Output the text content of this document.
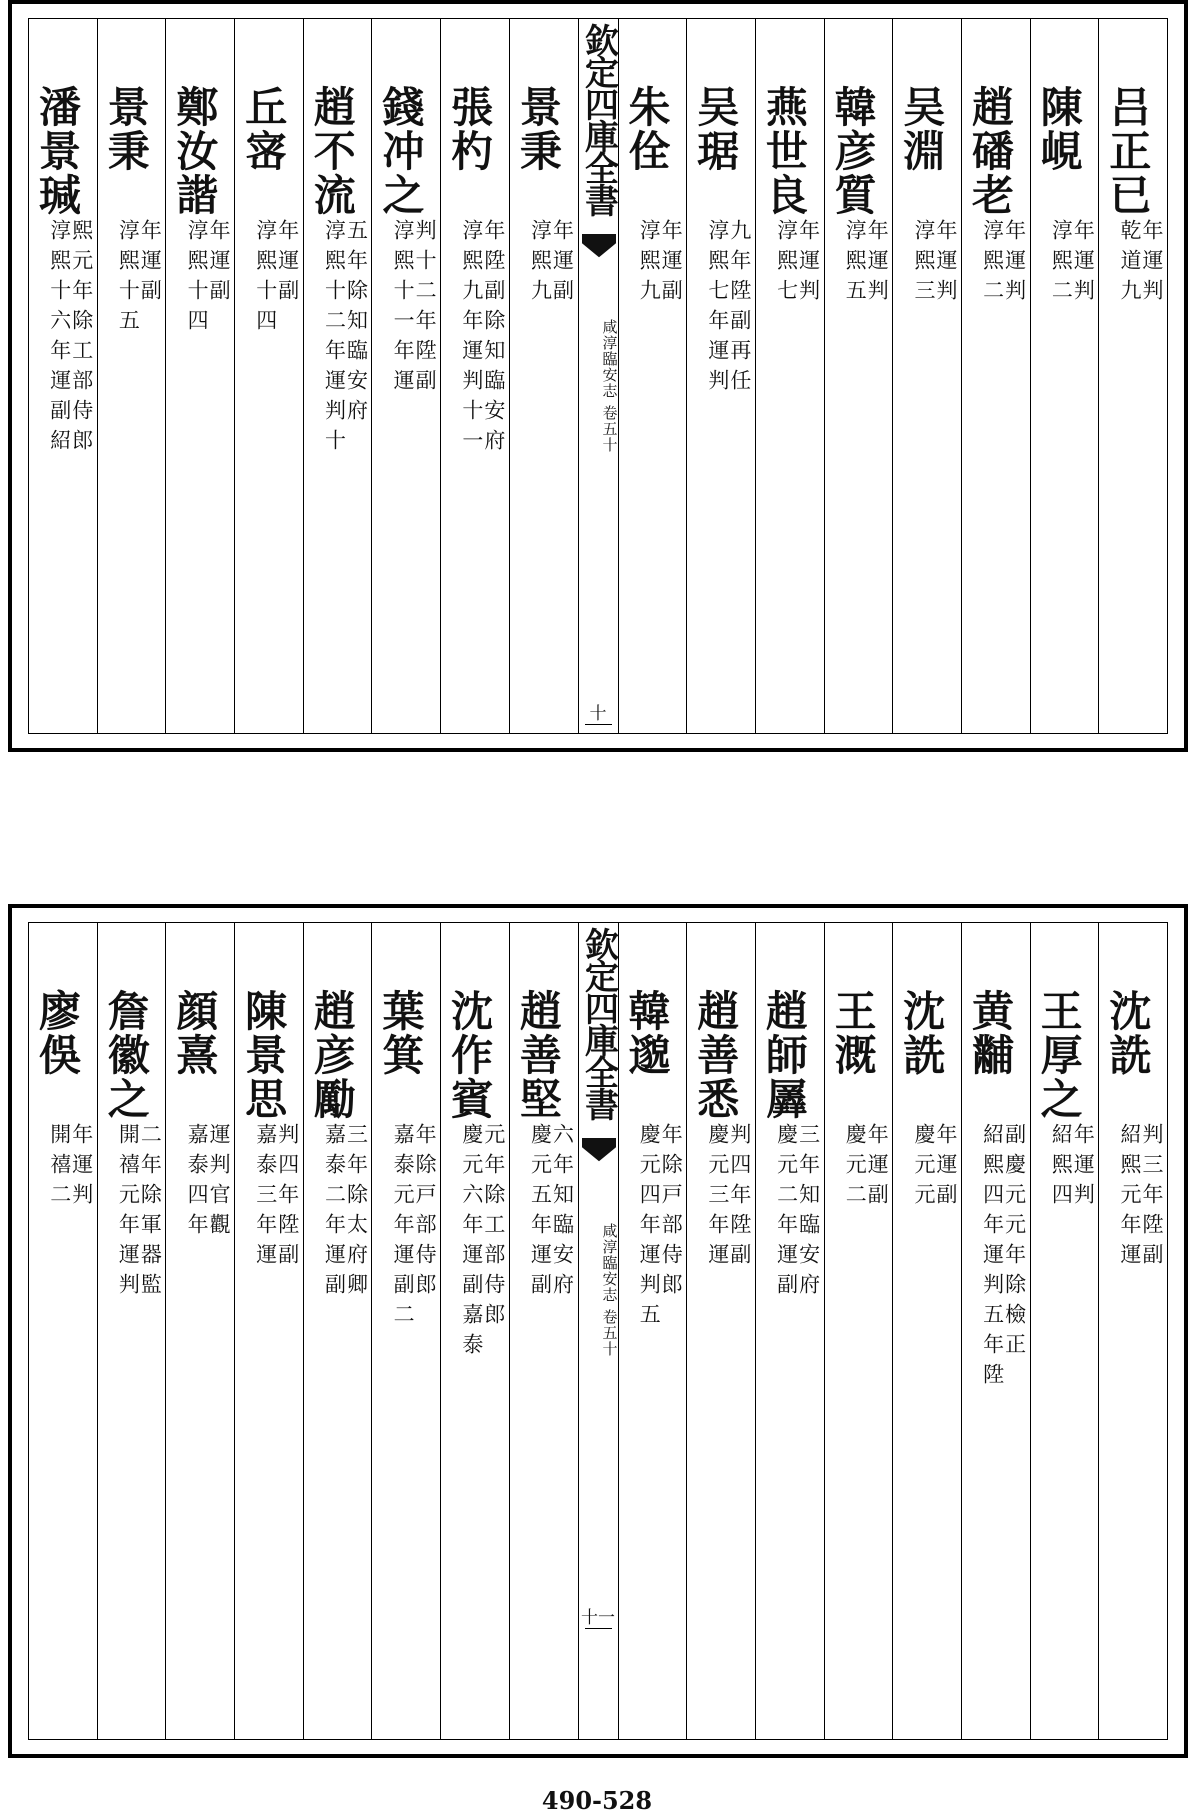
吕正已
乾道九
年運判
陳峴
淳熙二
年運判
趙磻老
淳熙二
年運判
吴淵
淳熙三
年運判
韓彦質
淳熙五
年運判
燕世良
淳熙七
年運判
吴琚
淳熙七年運判
九年陞副再任
朱佺
淳熙九
年運副
欽定四庫全書
咸淳臨安志 卷五十
十
景秉
淳熙九
年運副
張杓
淳熙九年運判十一
年陞副除知臨安府
錢冲之
淳熙十一年運
判十二年陞副
趙不流
淳熙十二年運判十
五年除知臨安府
丘宻
淳熙十四
年運副
鄭汝諧
淳熙十四
年運副
景秉
淳熙十五
年運副
潘景瑊
淳熙十六年運副紹
熙元年除工部侍郎
沈詵
紹熙元年運
判三年陞副
王厚之
紹熙四
年運判
黄黼
紹熙四年運判五年陞
副慶元元年除檢正
沈詵
慶元元
年運副
王溉
慶元二
年運副
趙師羼
慶元二年運副
三年知臨安府
趙善悉
慶元三年運
判四年陞副
韓邈
慶元四年運判五
年除戸部侍郎
欽定四庫全書
咸淳臨安志 卷五十
十一
趙善堅
慶元五年運副
六年知臨安府
沈作賓
慶元六年運副嘉泰
元年除工部侍郎
葉箕
嘉泰元年運副二
年除戸部侍郎
趙彦勵
嘉泰二年運副
三年除太府卿
陳景思
嘉泰三年運
判四年陞副
顔熹
嘉泰四年
運判官觀
詹徽之
開禧元年運判
二年除軍器監
廖俁
開禧二
年運判
490-528
